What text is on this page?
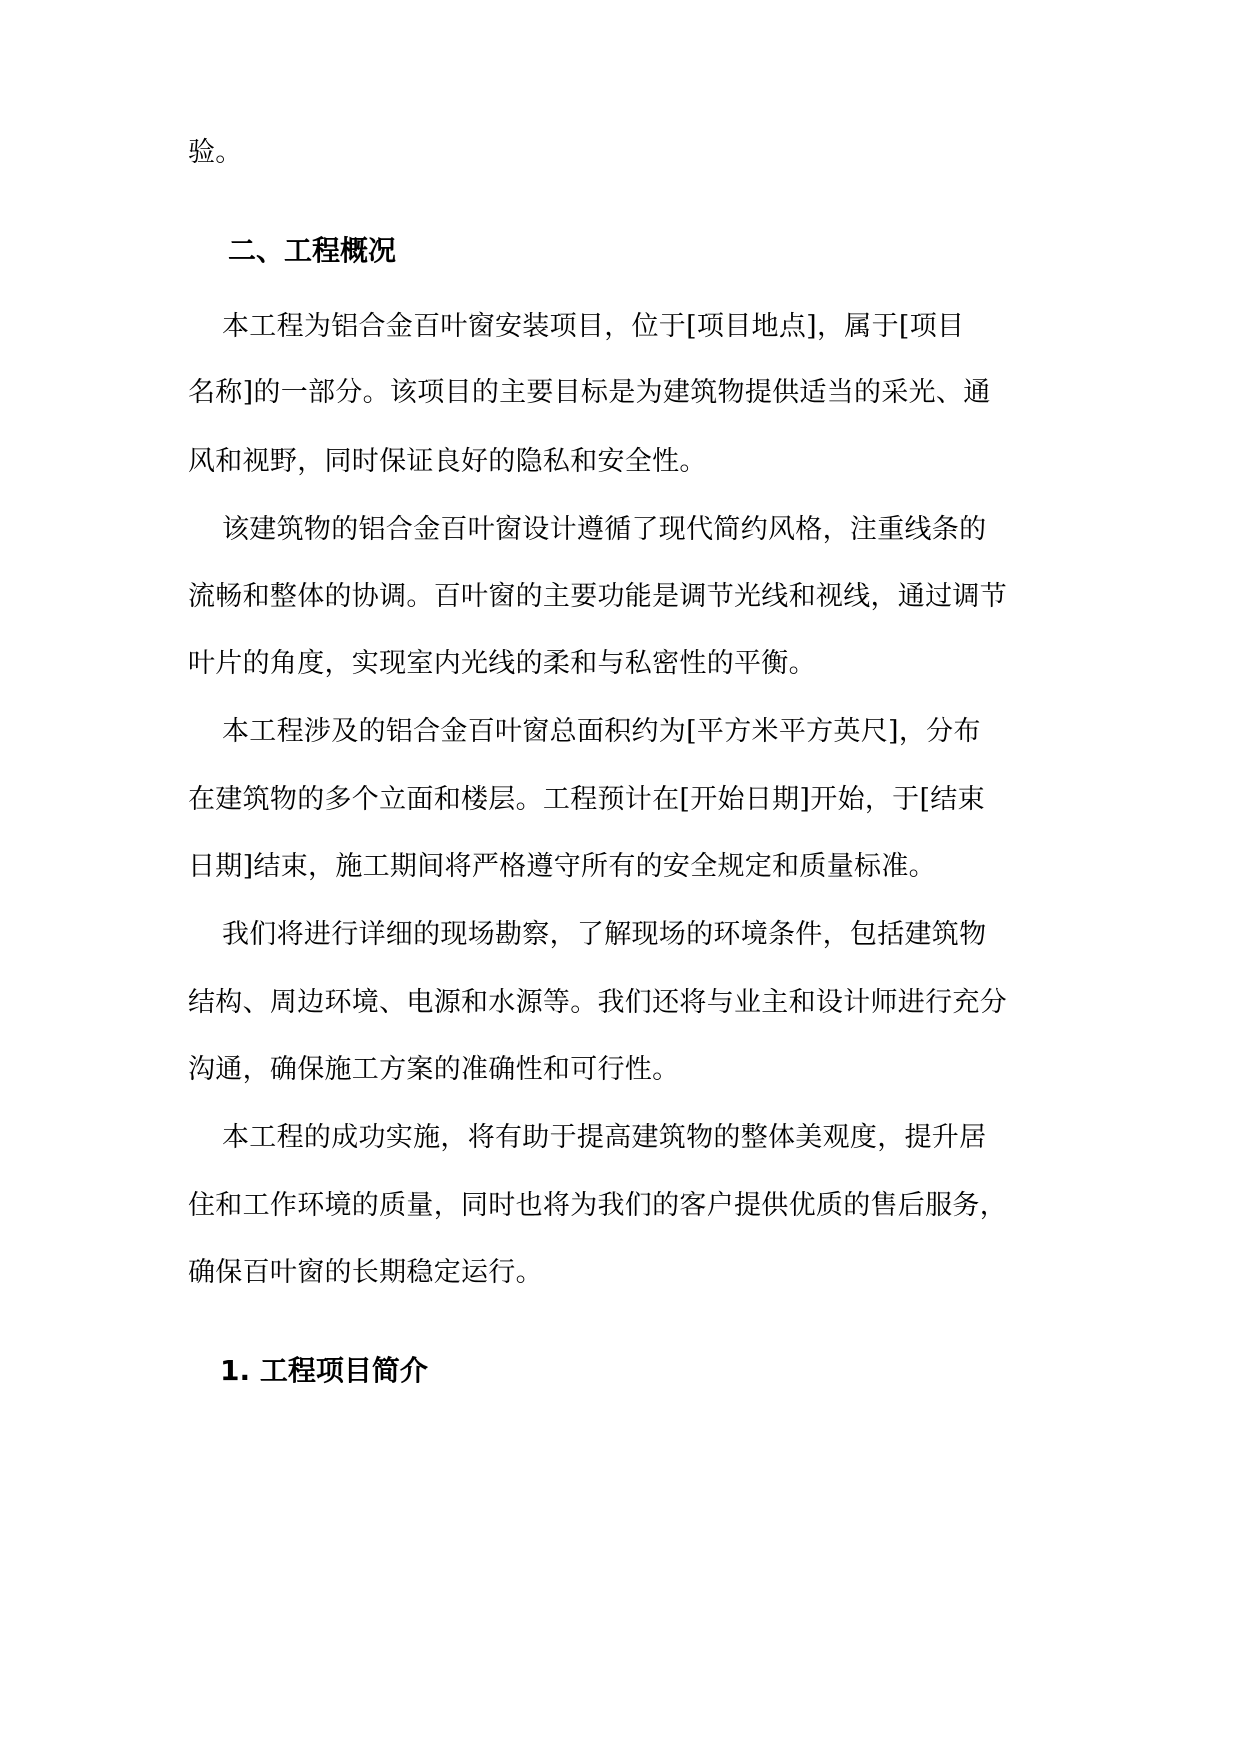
验。
二、工程概况
本工程为铝合金百叶窗安装项目，位于[项目地点]，属于[项目
名称]的一部分。该项目的主要目标是为建筑物提供适当的采光、通
风和视野，同时保证良好的隐私和安全性。
该建筑物的铝合金百叶窗设计遵循了现代简约风格，注重线条的
流畅和整体的协调。百叶窗的主要功能是调节光线和视线，通过调节
叶片的角度，实现室内光线的柔和与私密性的平衡。
本工程涉及的铝合金百叶窗总面积约为[平方米平方英尺]，分布
在建筑物的多个立面和楼层。工程预计在[开始日期]开始，于[结束
日期]结束，施工期间将严格遵守所有的安全规定和质量标准。
我们将进行详细的现场勘察，了解现场的环境条件，包括建筑物
结构、周边环境、电源和水源等。我们还将与业主和设计师进行充分
沟通，确保施工方案的准确性和可行性。
本工程的成功实施，将有助于提高建筑物的整体美观度，提升居
住和工作环境的质量，同时也将为我们的客户提供优质的售后服务，
确保百叶窗的长期稳定运行。
1. 工程项目简介
